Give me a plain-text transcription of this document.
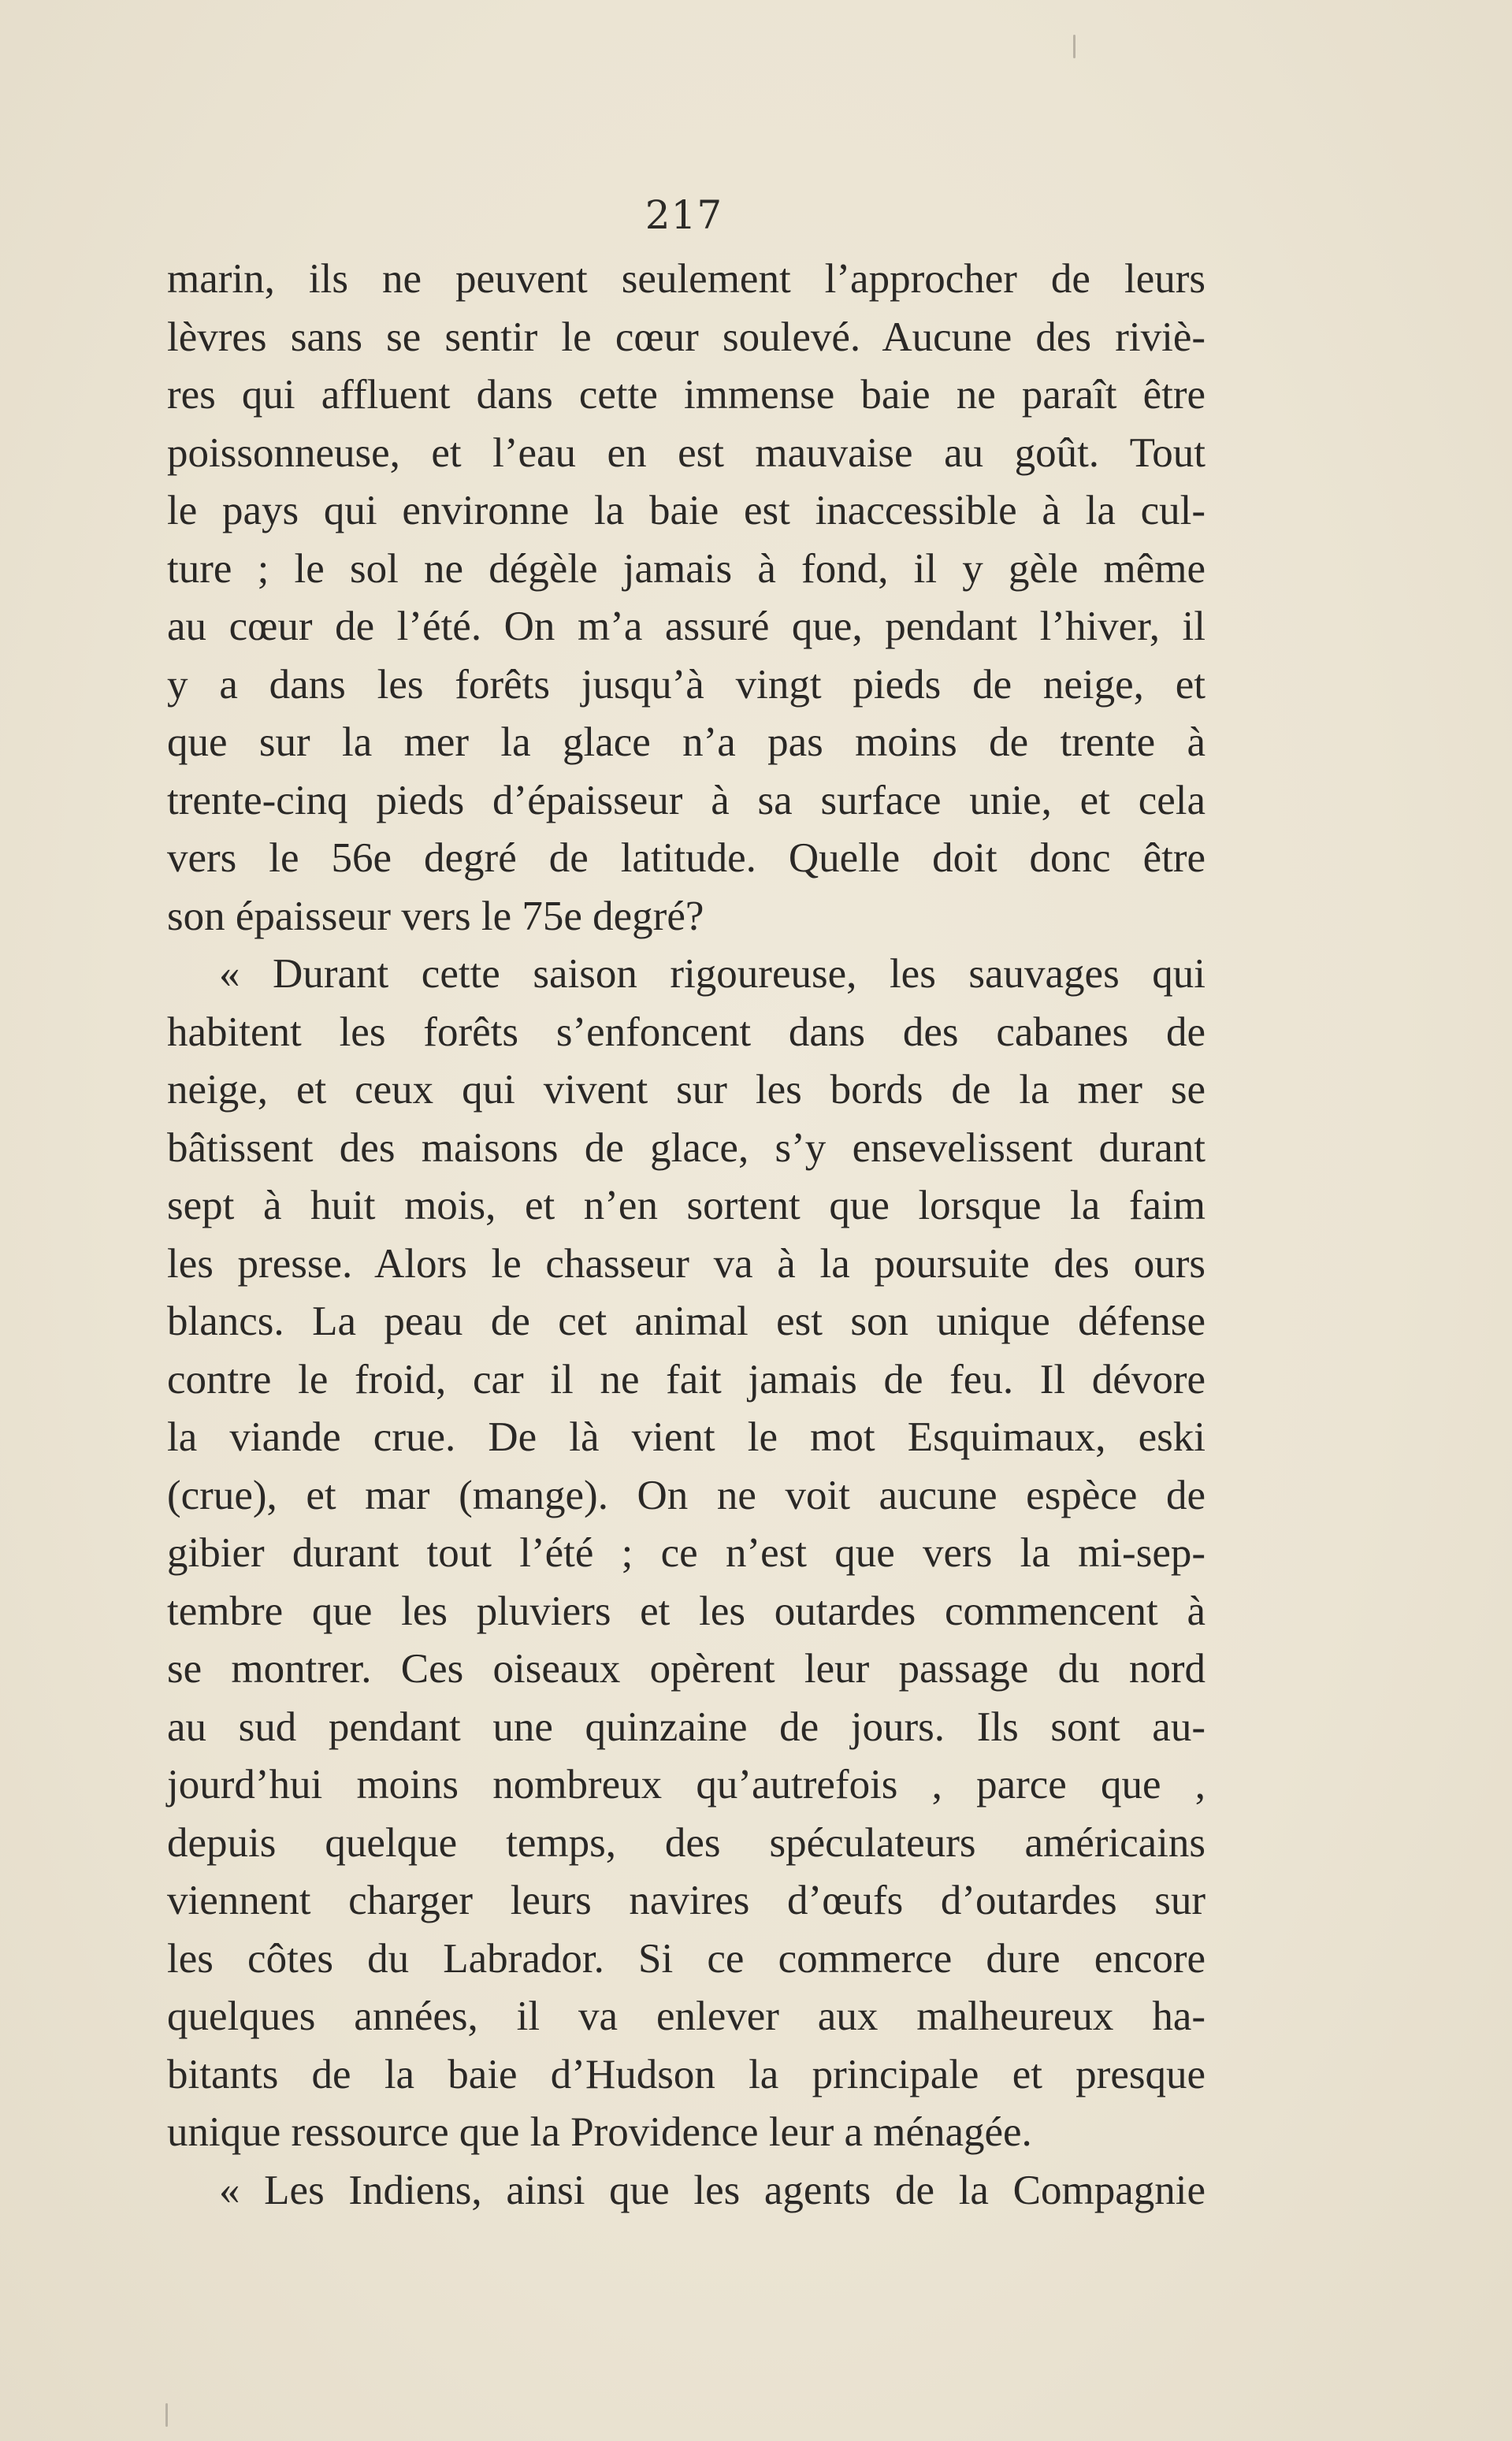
217
marin, ils ne peuvent seulement l’approcher de leurs
lèvres sans se sentir le cœur soulevé. Aucune des riviè-
res qui affluent dans cette immense baie ne paraît être
poissonneuse, et l’eau en est mauvaise au goût. Tout
le pays qui environne la baie est inaccessible à la cul-
ture ; le sol ne dégèle jamais à fond, il y gèle même
au cœur de l’été. On m’a assuré que, pendant l’hiver, il
y a dans les forêts jusqu’à vingt pieds de neige, et
que sur la mer la glace n’a pas moins de trente à
trente-cinq pieds d’épaisseur à sa surface unie, et cela
vers le 56e degré de latitude. Quelle doit donc être
son épaisseur vers le 75e degré?
« Durant cette saison rigoureuse, les sauvages qui
habitent les forêts s’enfoncent dans des cabanes de
neige, et ceux qui vivent sur les bords de la mer se
bâtissent des maisons de glace, s’y ensevelissent durant
sept à huit mois, et n’en sortent que lorsque la faim
les presse. Alors le chasseur va à la poursuite des ours
blancs. La peau de cet animal est son unique défense
contre le froid, car il ne fait jamais de feu. Il dévore
la viande crue. De là vient le mot Esquimaux, eski
(crue), et mar (mange). On ne voit aucune espèce de
gibier durant tout l’été ; ce n’est que vers la mi-sep-
tembre que les pluviers et les outardes commencent à
se montrer. Ces oiseaux opèrent leur passage du nord
au sud pendant une quinzaine de jours. Ils sont au-
jourd’hui moins nombreux qu’autrefois , parce que ,
depuis quelque temps, des spéculateurs américains
viennent charger leurs navires d’œufs d’outardes sur
les côtes du Labrador. Si ce commerce dure encore
quelques années, il va enlever aux malheureux ha-
bitants de la baie d’Hudson la principale et presque
unique ressource que la Providence leur a ménagée.
« Les Indiens, ainsi que les agents de la Compagnie
